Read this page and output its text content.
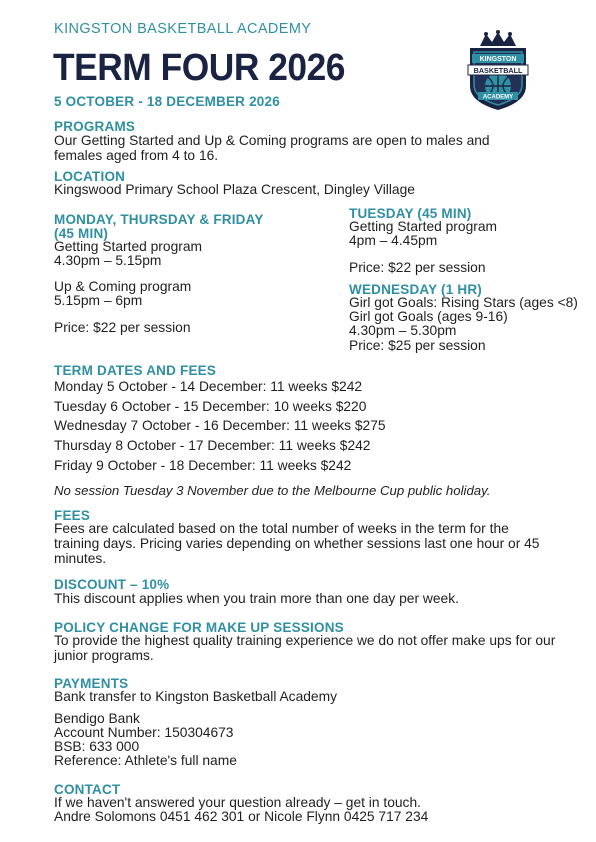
KINGSTON BASKETBALL ACADEMY
TERM FOUR 2026
5 OCTOBER - 18 DECEMBER 2026
KINGSTON
BASKETBALL
ACADEMY
PROGRAMS
Our Getting Started and Up & Coming programs are open to males and females aged from 4 to 16.
LOCATION
Kingswood Primary School Plaza Crescent, Dingley Village
MONDAY, THURSDAY & FRIDAY
(45 MIN)
Getting Started program
4.30pm – 5.15pm
Up & Coming program
5.15pm – 6pm
Price: $22 per session
TUESDAY (45 MIN)
Getting Started program
4pm – 4.45pm
Price: $22 per session
WEDNESDAY (1 HR)
Girl got Goals: Rising Stars (ages <8)
Girl got Goals (ages 9-16)
4.30pm – 5.30pm
Price: $25 per session
TERM DATES AND FEES
Monday 5 October - 14 December: 11 weeks $242
Tuesday 6 October - 15 December: 10 weeks $220
Wednesday 7 October - 16 December: 11 weeks $275
Thursday 8 October - 17 December: 11 weeks $242
Friday 9 October - 18 December: 11 weeks $242
No session Tuesday 3 November due to the Melbourne Cup public holiday.
FEES
Fees are calculated based on the total number of weeks in the term for the training days. Pricing varies depending on whether sessions last one hour or 45 minutes.
DISCOUNT – 10%
This discount applies when you train more than one day per week.
POLICY CHANGE FOR MAKE UP SESSIONS
To provide the highest quality training experience we do not offer make ups for our junior programs.
PAYMENTS
Bank transfer to Kingston Basketball Academy
Bendigo Bank
Account Number: 150304673
BSB: 633 000
Reference: Athlete's full name
CONTACT
If we haven't answered your question already – get in touch.
Andre Solomons 0451 462 301 or Nicole Flynn 0425 717 234
